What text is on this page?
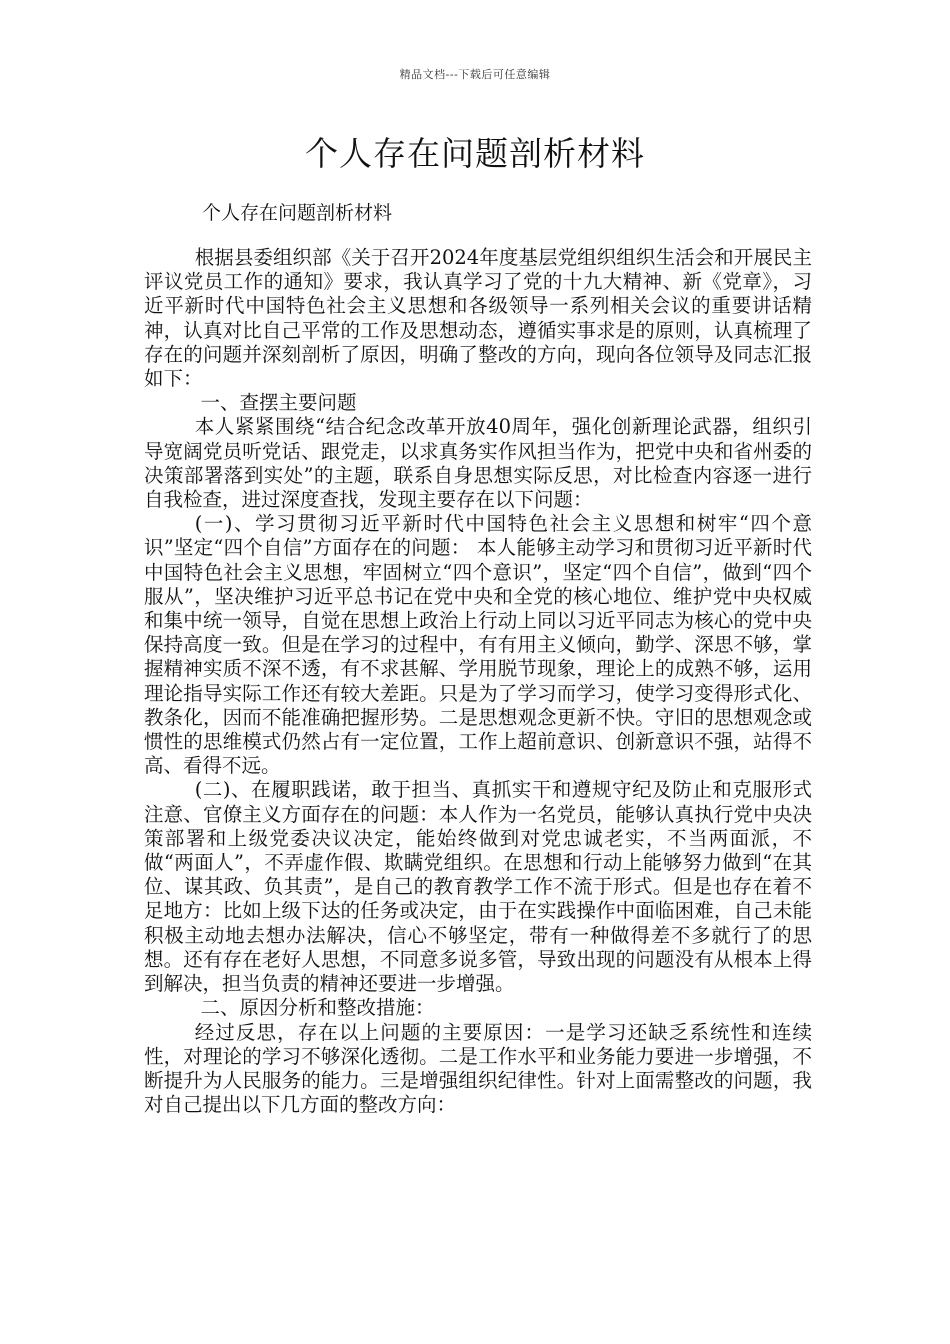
精品文档---下载后可任意编辑
个人存在问题剖析材料
个人存在问题剖析材料

根据县委组织部《关于召开2024年度基层党组织组织生活会和开展民主评议党员工作的通知》要求，我认真学习了党的十九大精神、新《党章》，习近平新时代中国特色社会主义思想和各级领导一系列相关会议的重要讲话精神，认真对比自己平常的工作及思想动态，遵循实事求是的原则，认真梳理了存在的问题并深刻剖析了原因，明确了整改的方向，现向各位领导及同志汇报如下：

一、查摆主要问题

本人紧紧围绕“结合纪念改革开放40周年，强化创新理论武器，组织引导宽阔党员听党话、跟党走，以求真务实作风担当作为，把党中央和省州委的决策部署落到实处”的主题，联系自身思想实际反思，对比检查内容逐一进行自我检查，进过深度查找，发现主要存在以下问题：

(一)、学习贯彻习近平新时代中国特色社会主义思想和树牢“四个意识”坚定“四个自信”方面存在的问题： 本人能够主动学习和贯彻习近平新时代中国特色社会主义思想，牢固树立“四个意识”，坚定“四个自信”，做到“四个服从”，坚决维护习近平总书记在党中央和全党的核心地位、维护党中央权威和集中统一领导，自觉在思想上政治上行动上同以习近平同志为核心的党中央保持高度一致。但是在学习的过程中，有有用主义倾向，勤学、深思不够，掌握精神实质不深不透，有不求甚解、学用脱节现象，理论上的成熟不够，运用理论指导实际工作还有较大差距。只是为了学习而学习，使学习变得形式化、教条化，因而不能准确把握形势。二是思想观念更新不快。守旧的思想观念或惯性的思维模式仍然占有一定位置，工作上超前意识、创新意识不强，站得不高、看得不远。

(二)、在履职践诺，敢于担当、真抓实干和遵规守纪及防止和克服形式注意、官僚主义方面存在的问题：本人作为一名党员，能够认真执行党中央决策部署和上级党委决议决定，能始终做到对党忠诚老实，不当两面派，不做“两面人”，不弄虚作假、欺瞒党组织。在思想和行动上能够努力做到“在其位、谋其政、负其责”，是自己的教育教学工作不流于形式。但是也存在着不足地方：比如上级下达的任务或决定，由于在实践操作中面临困难，自己未能积极主动地去想办法解决，信心不够坚定，带有一种做得差不多就行了的思想。还有存在老好人思想，不同意多说多管，导致出现的问题没有从根本上得到解决，担当负责的精神还要进一步增强。

二、原因分析和整改措施：

经过反思，存在以上问题的主要原因：一是学习还缺乏系统性和连续性，对理论的学习不够深化透彻。二是工作水平和业务能力要进一步增强，不断提升为人民服务的能力。三是增强组织纪律性。针对上面需整改的问题，我对自己提出以下几方面的整改方向：
